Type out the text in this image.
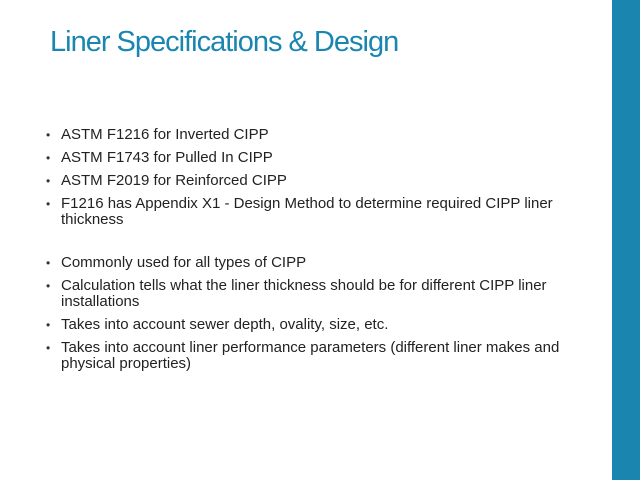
Liner Specifications & Design
• ASTM F1216 for Inverted CIPP
• ASTM F1743 for Pulled In CIPP
• ASTM F2019 for Reinforced CIPP
• F1216 has Appendix X1 - Design Method to determine required CIPP liner thickness
• Commonly used for all types of CIPP
• Calculation tells what the liner thickness should be for different CIPP liner installations
• Takes into account sewer depth, ovality, size, etc.
• Takes into account liner performance parameters (different liner makes and physical properties)
